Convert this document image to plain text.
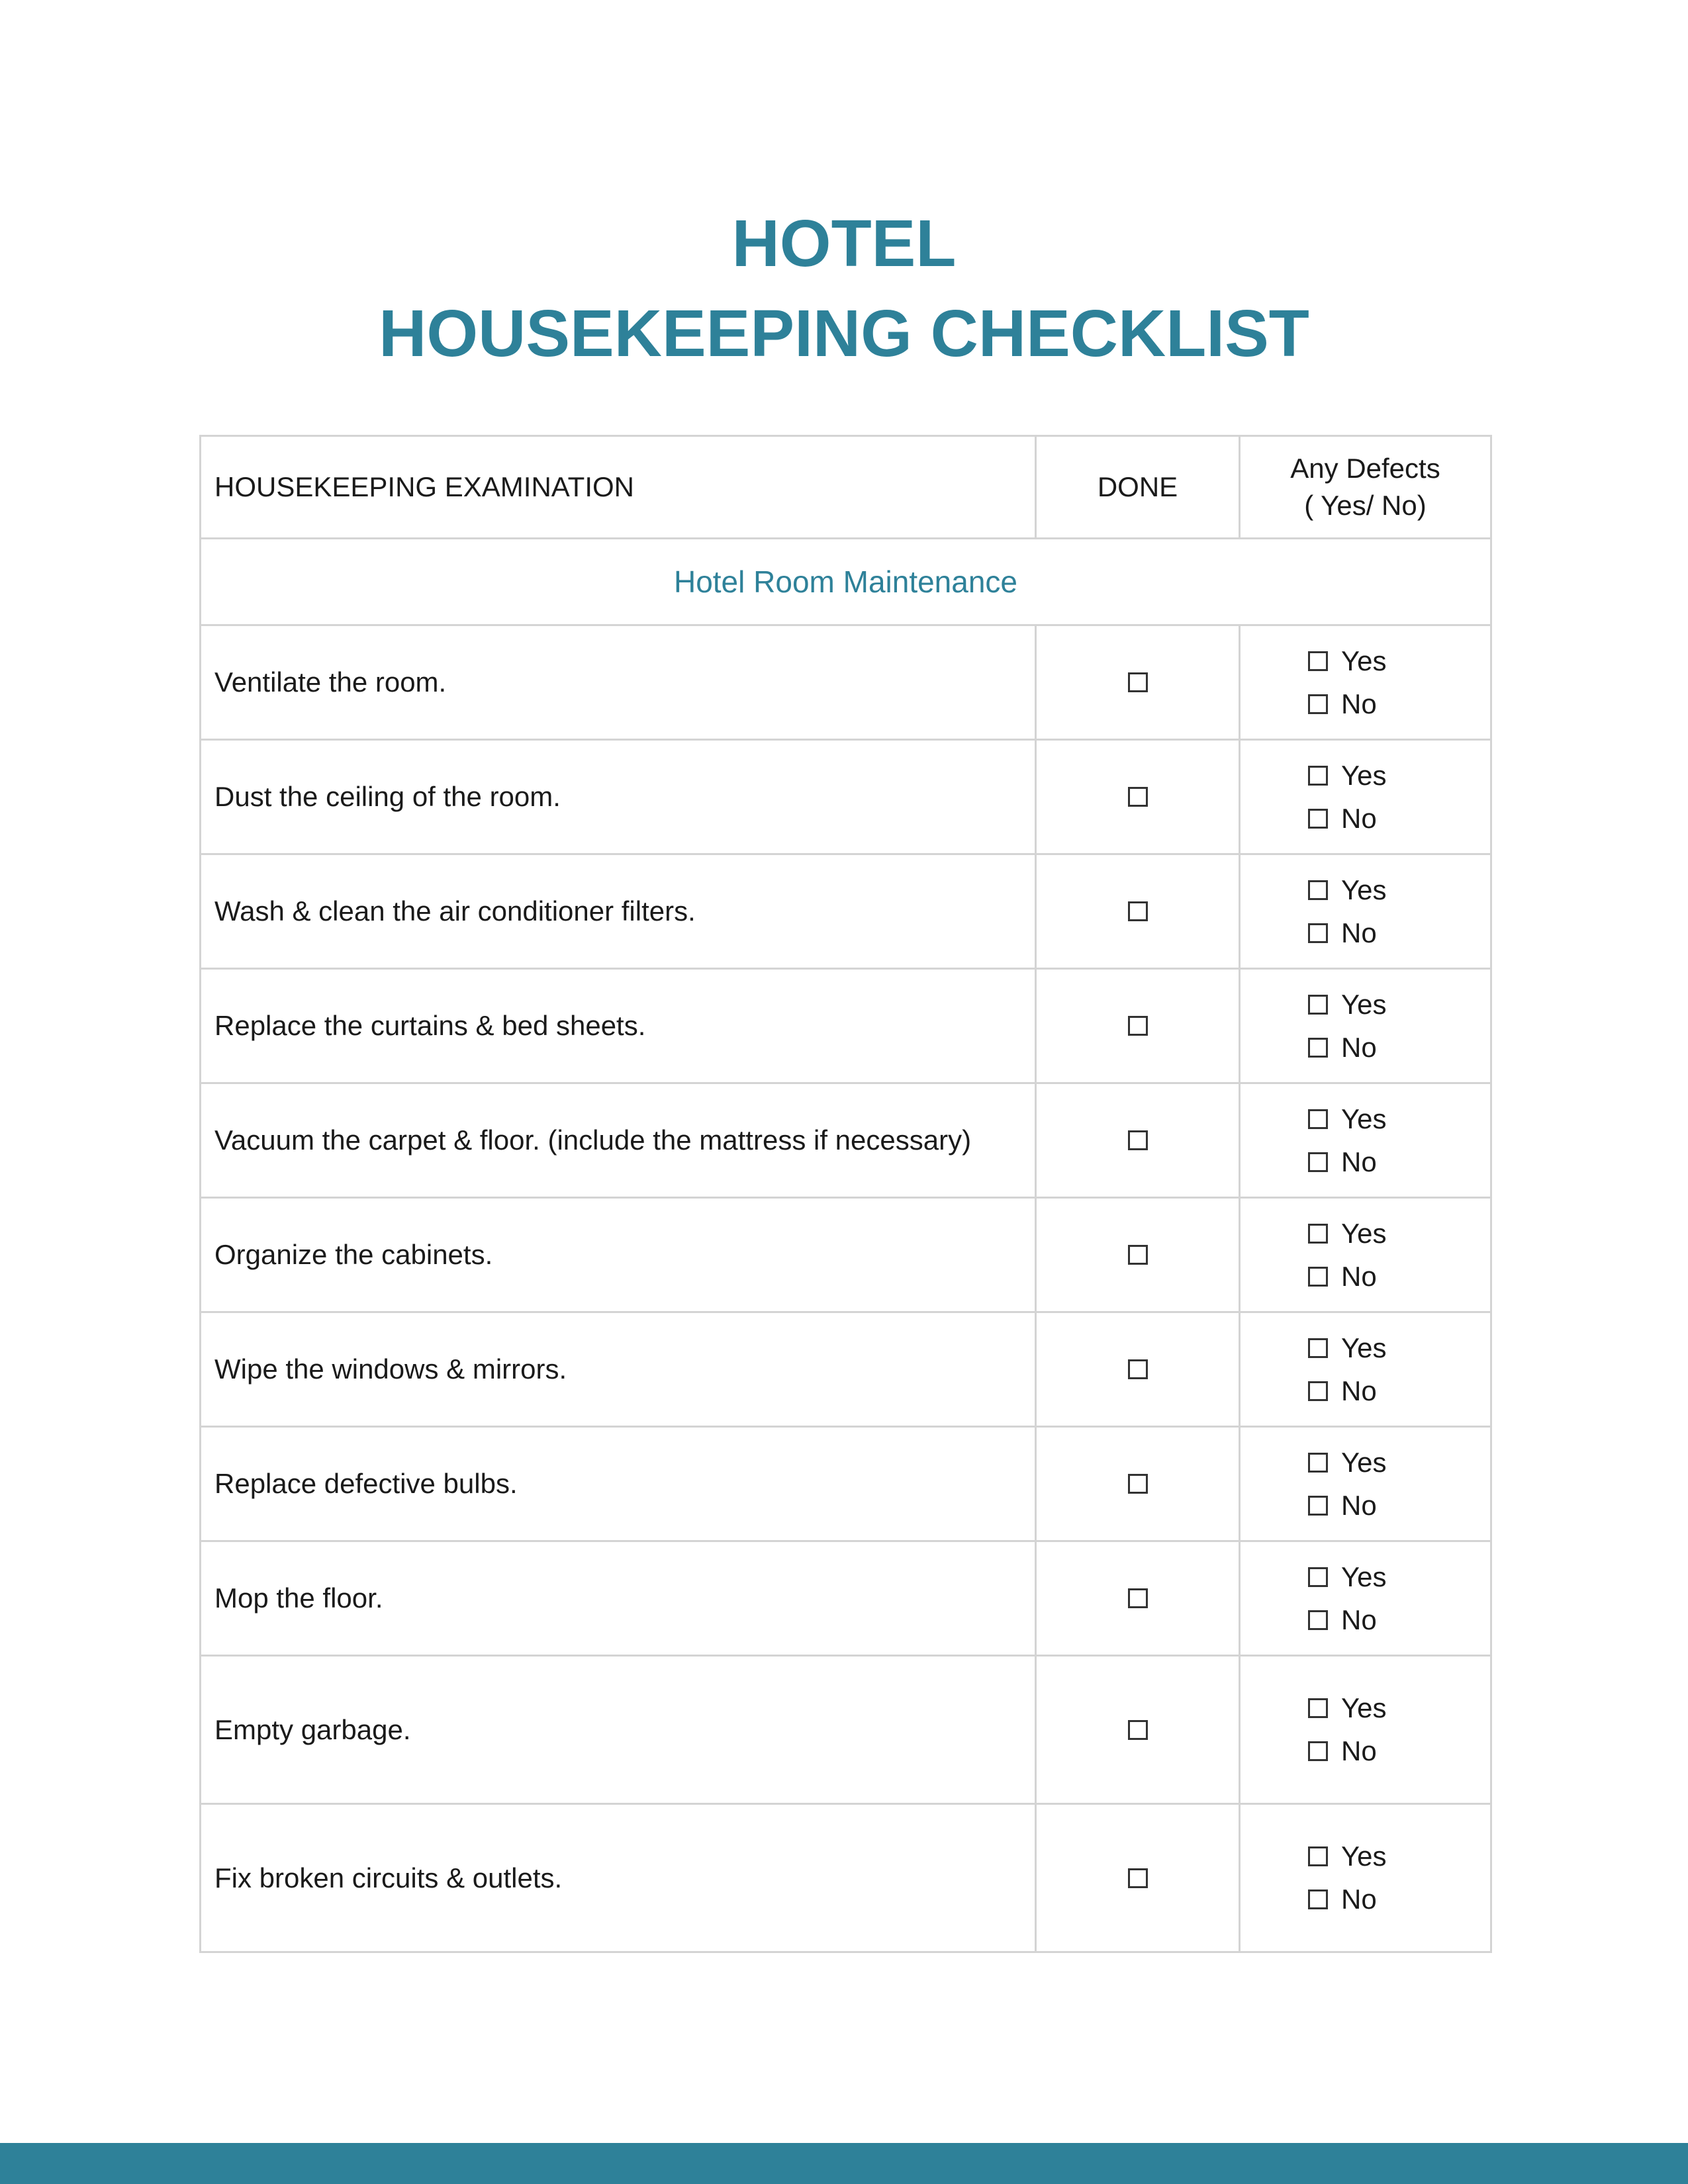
HOTEL
HOUSEKEEPING CHECKLIST
HOUSEKEEPING EXAMINATION	DONE	Any Defects
( Yes/ No)

Hotel Room Maintenance		
Ventilate the room.		Yes
No

Dust the ceiling of the room.		Yes
No

Wash & clean the air conditioner filters.		Yes
No

Replace the curtains & bed sheets.		Yes
No

Vacuum the carpet & floor. (include the mattress if necessary)		Yes
No

Organize the cabinets.		Yes
No

Wipe the windows & mirrors.		Yes
No

Replace defective bulbs.		Yes
No

Mop the floor.		Yes
No

Empty garbage.		Yes
No

Fix broken circuits & outlets.		Yes
No
